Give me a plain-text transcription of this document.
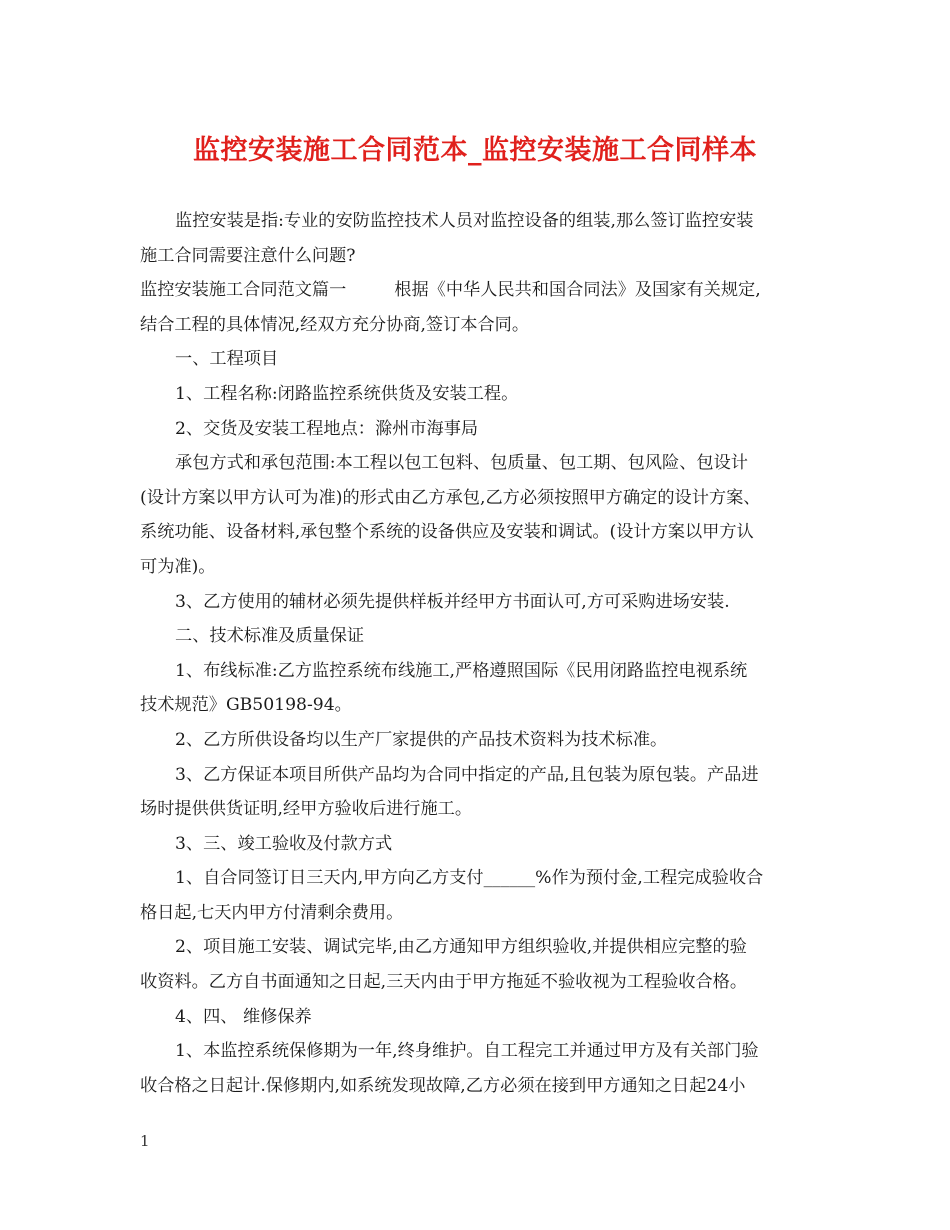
监控安装施工合同范本_监控安装施工合同样本
监控安装是指:专业的安防监控技术人员对监控设备的组装,那么签订监控安装
施工合同需要注意什么问题?
监控安装施工合同范文篇一	根据《中华人民共和国合同法》及国家有关规定,
结合工程的具体情况,经双方充分协商,签订本合同。
一、工程项目
1、工程名称:闭路监控系统供货及安装工程。
2、交货及安装工程地点：滁州市海事局
承包方式和承包范围:本工程以包工包料、包质量、包工期、包风险、包设计
(设计方案以甲方认可为准)的形式由乙方承包,乙方必须按照甲方确定的设计方案、
系统功能、设备材料,承包整个系统的设备供应及安装和调试。(设计方案以甲方认
可为准)。
3、乙方使用的辅材必须先提供样板并经甲方书面认可,方可采购进场安装.
二、技术标准及质量保证
1、布线标准:乙方监控系统布线施工,严格遵照国际《民用闭路监控电视系统
技术规范》GB50198-94。
2、乙方所供设备均以生产厂家提供的产品技术资料为技术标准。
3、乙方保证本项目所供产品均为合同中指定的产品,且包装为原包装。产品进
场时提供供货证明,经甲方验收后进行施工。
3、三、竣工验收及付款方式
1、自合同签订日三天内,甲方向乙方支付______%作为预付金,工程完成验收合
格日起,七天内甲方付清剩余费用。
2、项目施工安装、调试完毕,由乙方通知甲方组织验收,并提供相应完整的验
收资料。乙方自书面通知之日起,三天内由于甲方拖延不验收视为工程验收合格。
4、四、 维修保养
1、本监控系统保修期为一年,终身维护。自工程完工并通过甲方及有关部门验
收合格之日起计.保修期内,如系统发现故障,乙方必须在接到甲方通知之日起24小
1
